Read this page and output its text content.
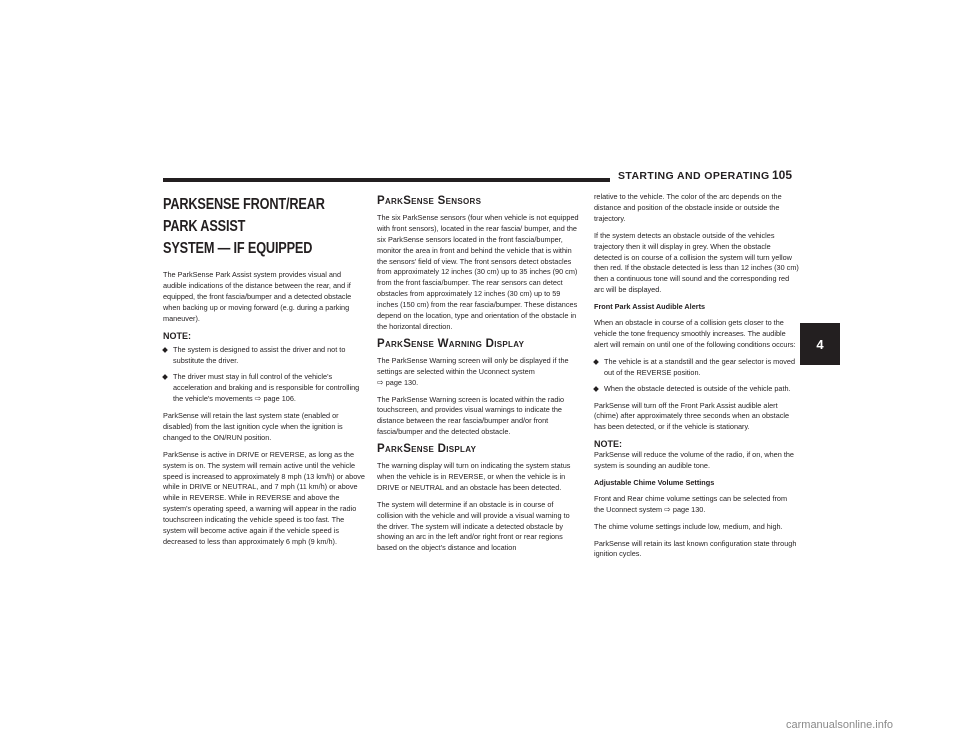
STARTING AND OPERATING 105
4
PARKSENSE FRONT/REAR PARK ASSIST
SYSTEM — IF EQUIPPED

The ParkSense Park Assist system provides visual and audible indications of the distance between the rear, and if equipped, the front fascia/bumper and a detected obstacle when backing up or moving forward (e.g. during a parking maneuver).

NOTE:
The system is designed to assist the driver and not to substitute the driver.
The driver must stay in full control of the vehicle's acceleration and braking and is responsible for controlling the vehicle's movements ⇨ page 106.

ParkSense will retain the last system state (enabled or disabled) from the last ignition cycle when the ignition is changed to the ON/RUN position.

ParkSense is active in DRIVE or REVERSE, as long as the system is on. The system will remain active until the vehicle speed is increased to approximately 8 mph (13 km/h) or above while in DRIVE or NEUTRAL, and 7 mph (11 km/h) or above while in REVERSE. While in REVERSE and above the system's operating speed, a warning will appear in the radio touchscreen indicating the vehicle speed is too fast. The system will become active again if the vehicle speed is decreased to less than approximately 6 mph (9 km/h).

ParkSense Sensors

The six ParkSense sensors (four when vehicle is not equipped with front sensors), located in the rear fascia/ bumper, and the six ParkSense sensors located in the front fascia/bumper, monitor the area in front and behind the vehicle that is within the sensors' field of view. The front sensors detect obstacles from approximately 12 inches (30 cm) up to 35 inches (90 cm) from the front fascia/bumper. The rear sensors can detect obstacles from approximately 12 inches (30 cm) up to 59 inches (150 cm) from the rear fascia/bumper. These distances depend on the location, type and orientation of the obstacle in the horizontal direction.

ParkSense Warning Display

The ParkSense Warning screen will only be displayed if the settings are selected within the Uconnect system
⇨ page 130.

The ParkSense Warning screen is located within the radio touchscreen, and provides visual warnings to indicate the distance between the rear fascia/bumper and/or front fascia/bumper and the detected obstacle.

ParkSense Display

The warning display will turn on indicating the system status when the vehicle is in REVERSE, or when the vehicle is in DRIVE or NEUTRAL and an obstacle has been detected.

The system will determine if an obstacle is in course of collision with the vehicle and will provide a visual warning to the driver. The system will indicate a detected obstacle by showing an arc in the left and/or right front or rear regions based on the object’s distance and location

relative to the vehicle. The color of the arc depends on the distance and position of the obstacle inside or outside the trajectory.

If the system detects an obstacle outside of the vehicles trajectory then it will display in grey. When the obstacle detected is on course of a collision the system will turn yellow then red. If the obstacle detected is less than 12 inches (30 cm) then a continuous tone will sound and the corresponding red arc will be displayed.

Front Park Assist Audible Alerts

When an obstacle in course of a collision gets closer to the vehicle the tone frequency smoothly increases. The audible alert will remain on until one of the following conditions occurs:

The vehicle is at a standstill and the gear selector is moved out of the REVERSE position.
When the obstacle detected is outside of the vehicle path.

ParkSense will turn off the Front Park Assist audible alert (chime) after approximately three seconds when an obstacle has been detected, or if the vehicle is stationary.

NOTE:

ParkSense will reduce the volume of the radio, if on, when the system is sounding an audible tone.

Adjustable Chime Volume Settings

Front and Rear chime volume settings can be selected from the Uconnect system ⇨ page 130.

The chime volume settings include low, medium, and high.

ParkSense will retain its last known configuration state through ignition cycles.

carmanualsonline.info
